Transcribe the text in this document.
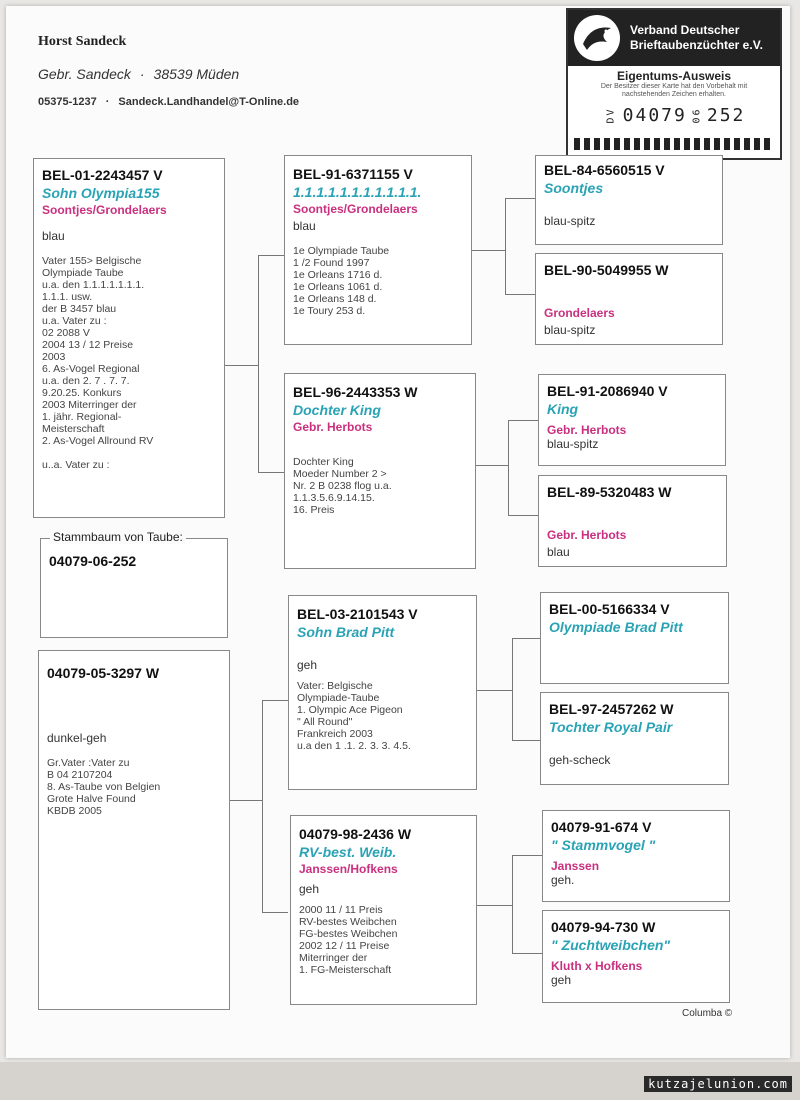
Horst Sandeck
Gebr. Sandeck · 38539 Müden
05375-1237 · Sandeck.Landhandel@T-Online.de
Verband Deutscher
Brieftaubenzüchter e.V.
Eigentums-Ausweis
Der Besitzer dieser Karte hat den Vorbehalt mit nachstehenden Zeichen erhalten.
DV 04079 06 252
BEL-01-2243457 V
Sohn Olympia155
Soontjes/Grondelaers
blau
Vater 155> Belgische
Olympiade Taube
u.a. den 1.1.1.1.1.1.1.
1.1.1. usw.
der B 3457 blau
u.a. Vater zu :
02 2088 V
2004 13 / 12 Preise
2003
6. As-Vogel Regional
u.a. den 2. 7 . 7. 7.
9.20.25. Konkurs
2003 Miterringer der
1. jähr. Regional-
Meisterschaft
2. As-Vogel Allround RV

u..a. Vater zu :
04079-06-252
Stammbaum von Taube:
04079-05-3297 W
dunkel-geh
Gr.Vater :Vater zu
B 04 2107204
8. As-Taube von Belgien
Grote Halve Found
KBDB 2005
BEL-91-6371155 V
1.1.1.1.1.1.1.1.1.1.1.
Soontjes/Grondelaers
blau
1e Olympiade Taube
1 /2 Found 1997
1e Orleans 1716 d.
1e Orleans 1061 d.
1e Orleans 148 d.
1e Toury 253 d.
BEL-96-2443353 W
Dochter King
Gebr. Herbots
Dochter King
Moeder Number 2 >
Nr. 2 B 0238 flog u.a.
1.1.3.5.6.9.14.15.
16. Preis
BEL-03-2101543 V
Sohn Brad Pitt
geh
Vater: Belgische
Olympiade-Taube
1. Olympic Ace Pigeon
" All Round"
Frankreich 2003
u.a den 1 .1. 2. 3. 3. 4.5.
04079-98-2436 W
RV-best. Weib.
Janssen/Hofkens
geh
2000 11 / 11 Preis
RV-bestes Weibchen
FG-bestes Weibchen
2002 12 / 11 Preise
Miterringer der
1. FG-Meisterschaft
BEL-84-6560515 V
Soontjes
blau-spitz
BEL-90-5049955 W
Grondelaers
blau-spitz
BEL-91-2086940 V
King
Gebr. Herbots
blau-spitz
BEL-89-5320483 W
Gebr. Herbots
blau
BEL-00-5166334 V
Olympiade Brad Pitt
BEL-97-2457262 W
Tochter Royal Pair
geh-scheck
04079-91-674 V
" Stammvogel "
Janssen
geh.
04079-94-730 W
" Zuchtweibchen"
Kluth x Hofkens
geh
Columba ©
kutzajelunion.com
